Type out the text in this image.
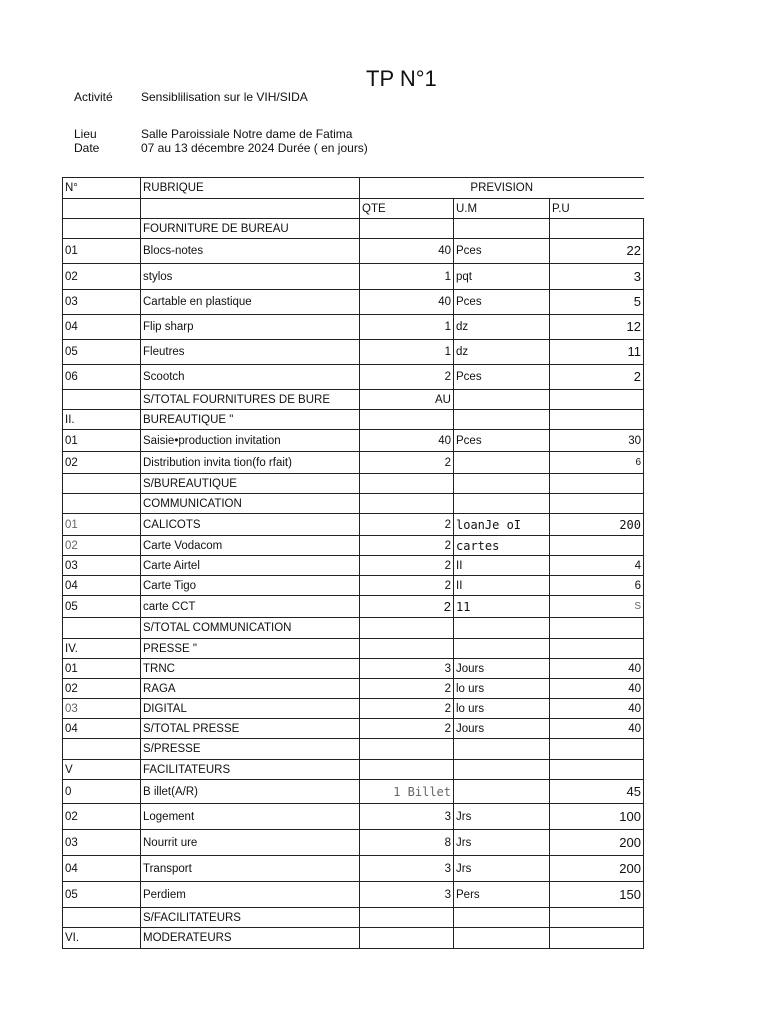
TP N°1
Activité Sensiblilisation sur le VIH/SIDA
Lieu	Salle Paroissiale Notre dame de Fatima
Date	07 au 13 décembre 2024 Durée ( en jours)
N°	RUBRIQUE	PREVISION		
		QTE	U.M	P.U
	FOURNITURE DE BUREAU			
01	Blocs-notes	40	Pces	22
02	stylos	1	pqt	3
03	Cartable en plastique	40	Pces	5
04	Flip sharp	1	dz	12
05	Fleutres	1	dz	11
06	Scootch	2	Pces	2
	S/TOTAL FOURNITURES DE BURE	AU		
II.	BUREAUTIQUE "			
01	Saisie•production invitation	40	Pces	30
02	Distribution invita tion(fo rfait)	2		6
	S/BUREAUTIQUE			
	COMMUNICATION			
01	CALICOTS	2	loanJe oI	200
02	Carte Vodacom	2	cartes	
03	Carte Airtel	2	II	4
04	Carte Tigo	2	II	6
05	carte CCT	2	11	S
	S/TOTAL COMMUNICATION			
IV.	PRESSE "			
01	TRNC	3	Jours	40
02	RAGA	2	lo urs	40
03	DIGITAL	2	lo urs	40
04	S/TOTAL PRESSE	2	Jours	40
	S/PRESSE			
V	FACILITATEURS			
0	B illet(A/R)	1 Billet		45
02	Logement	3	Jrs	100
03	Nourrit ure	8	Jrs	200
04	Transport	3	Jrs	200
05	Perdiem	3	Pers	150
	S/FACILITATEURS			
VI.	MODERATEURS			
